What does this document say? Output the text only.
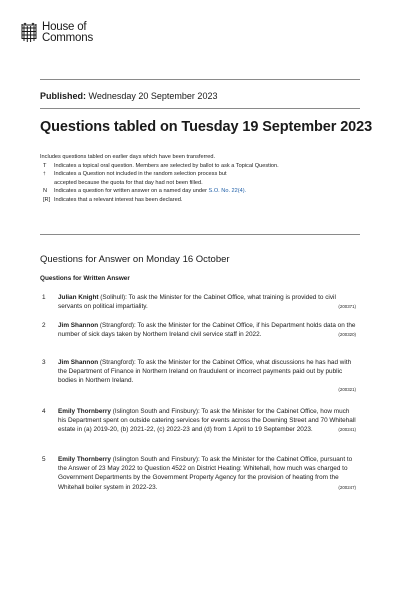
House of
Commons
Published: Wednesday 20 September 2023
Questions tabled on Tuesday 19 September 2023
Includes questions tabled on earlier days which have been transferred.
T	Indicates a topical oral question. Members are selected by ballot to ask a Topical Question.
†	Indicates a Question not included in the random selection process but
accepted because the quota for that day had not been filled.
N	Indicates a question for written answer on a named day under S.O. No. 22(4).
[R] Indicates that a relevant interest has been declared.
Questions for Answer on Monday 16 October
Questions for Written Answer
1 Julian Knight (Solihull): To ask the Minister for the Cabinet Office, what training is provided to civil servants on political impartiality.	(200371)
2 Jim Shannon (Strangford): To ask the Minister for the Cabinet Office, if his Department holds data on the number of sick days taken by Northern Ireland civil service staff in 2022.	(200320)
3 Jim Shannon (Strangford): To ask the Minister for the Cabinet Office, what discussions he has had with the Department of Finance in Northern Ireland on fraudulent or incorrect payments paid out by public bodies in Northern Ireland.
(200321)
4 Emily Thornberry (Islington South and Finsbury): To ask the Minister for the Cabinet Office, how much his Department spent on outside catering services for events across the Downing Street and 70 Whitehall estate in (a) 2019-20, (b) 2021-22, (c) 2022-23 and (d) from 1 April to 19 September 2023.	(200241)
5 Emily Thornberry (Islington South and Finsbury): To ask the Minister for the Cabinet Office, pursuant to the Answer of 23 May 2022 to Question 4522 on District Heating: Whitehall, how much was charged to Government Departments by the Government Property Agency for the provision of heating from the Whitehall boiler system in 2022-23.	(200247)
